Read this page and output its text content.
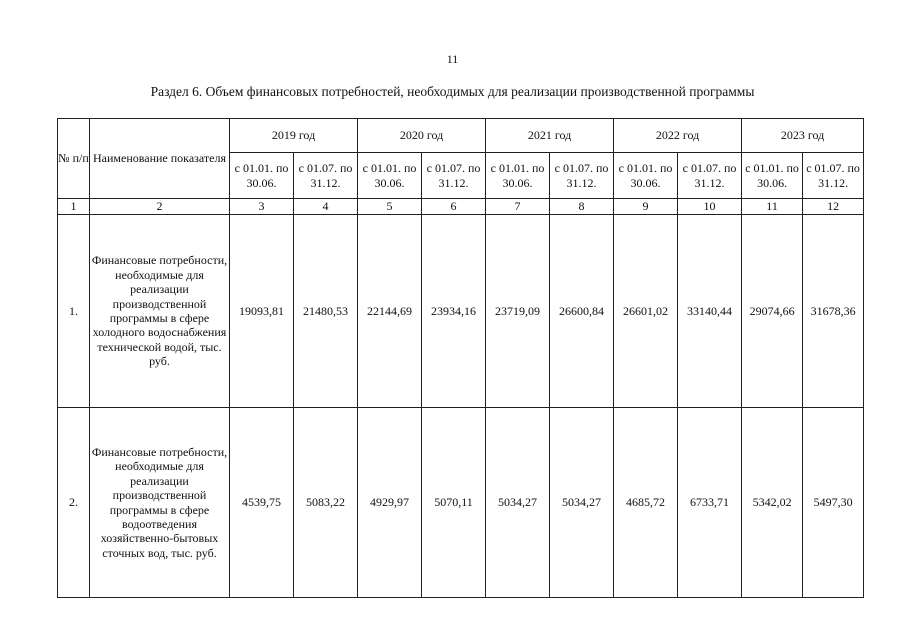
11
Раздел 6. Объем финансовых потребностей, необходимых для реализации производственной программы
№ п/п	Наименование показателя	2019 год		2020 год		2021 год		2022 год		2023 год	
		с 01.01. по 30.06.	с 01.07. по 31.12.	с 01.01. по 30.06.	с 01.07. по 31.12.	с 01.01. по 30.06.	с 01.07. по 31.12.	с 01.01. по 30.06.	с 01.07. по 31.12.	с 01.01. по 30.06.	с 01.07. по 31.12.
1	2	3	4	5	6	7	8	9	10	11	12
1.	Финансовые потребности, необходимые для реализации производственной программы в сфере холодного водоснабжения технической водой, тыс. руб.	19093,81	21480,53	22144,69	23934,16	23719,09	26600,84	26601,02	33140,44	29074,66	31678,36
2.	Финансовые потребности, необходимые для реализации производственной программы в сфере водоотведения хозяйственно-бытовых сточных вод, тыс. руб.	4539,75	5083,22	4929,97	5070,11	5034,27	5034,27	4685,72	6733,71	5342,02	5497,30
